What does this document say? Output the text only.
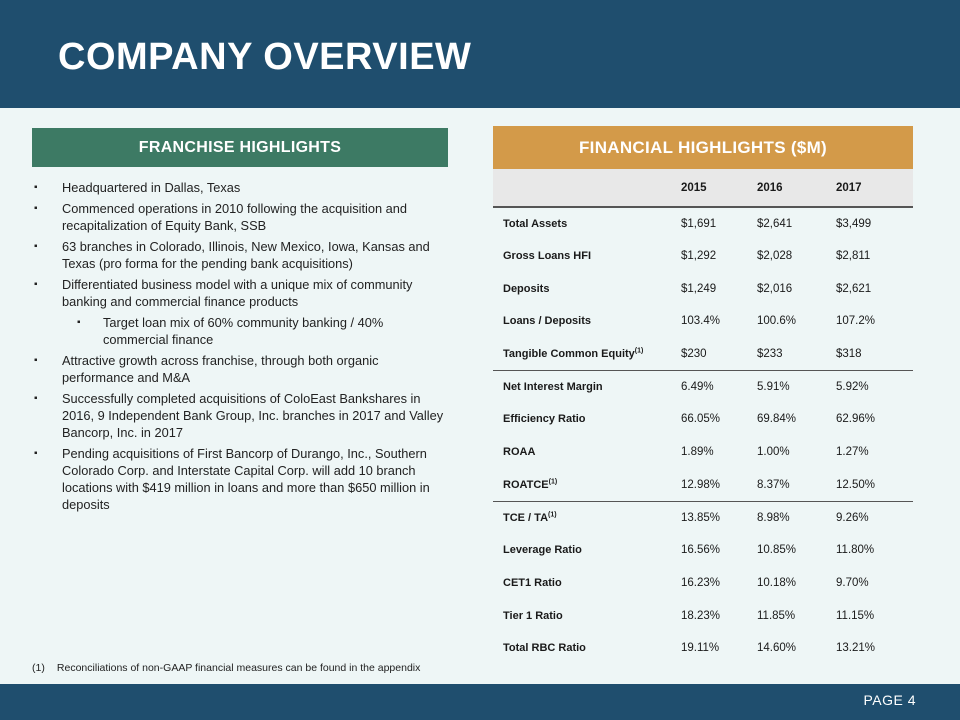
COMPANY OVERVIEW
FRANCHISE HIGHLIGHTS
▪ Headquartered in Dallas, Texas
▪ Commenced operations in 2010 following the acquisition and recapitalization of Equity Bank, SSB
▪ 63 branches in Colorado, Illinois, New Mexico, Iowa, Kansas and Texas (pro forma for the pending bank acquisitions)
▪ Differentiated business model with a unique mix of community banking and commercial finance products
▪ Target loan mix of 60% community banking / 40% commercial finance
▪ Attractive growth across franchise, through both organic performance and M&A
▪ Successfully completed acquisitions of ColoEast Bankshares in 2016, 9 Independent Bank Group, Inc. branches in 2017 and Valley Bancorp, Inc. in 2017
▪ Pending acquisitions of First Bancorp of Durango, Inc., Southern Colorado Corp. and Interstate Capital Corp. will add 10 branch locations with $419 million in loans and more than $650 million in deposits
FINANCIAL HIGHLIGHTS ($M)
	2015	2016	2017
Total Assets	$1,691	$2,641	$3,499
Gross Loans HFI	$1,292	$2,028	$2,811
Deposits	$1,249	$2,016	$2,621
Loans / Deposits	103.4%	100.6%	107.2%
Tangible Common Equity$^{(1)}$	$230	$233	$318
Net Interest Margin	6.49%	5.91%	5.92%
Efficiency Ratio	66.05%	69.84%	62.96%
ROAA	1.89%	1.00%	1.27%
ROATCE$^{(1)}$	12.98%	8.37%	12.50%
TCE / TA$^{(1)}$	13.85%	8.98%	9.26%
Leverage Ratio	16.56%	10.85%	11.80%
CET1 Ratio	16.23%	10.18%	9.70%
Tier 1 Ratio	18.23%	11.85%	11.15%
Total RBC Ratio	19.11%	14.60%	13.21%
(1) Reconciliations of non-GAAP financial measures can be found in the appendix
PAGE 4
